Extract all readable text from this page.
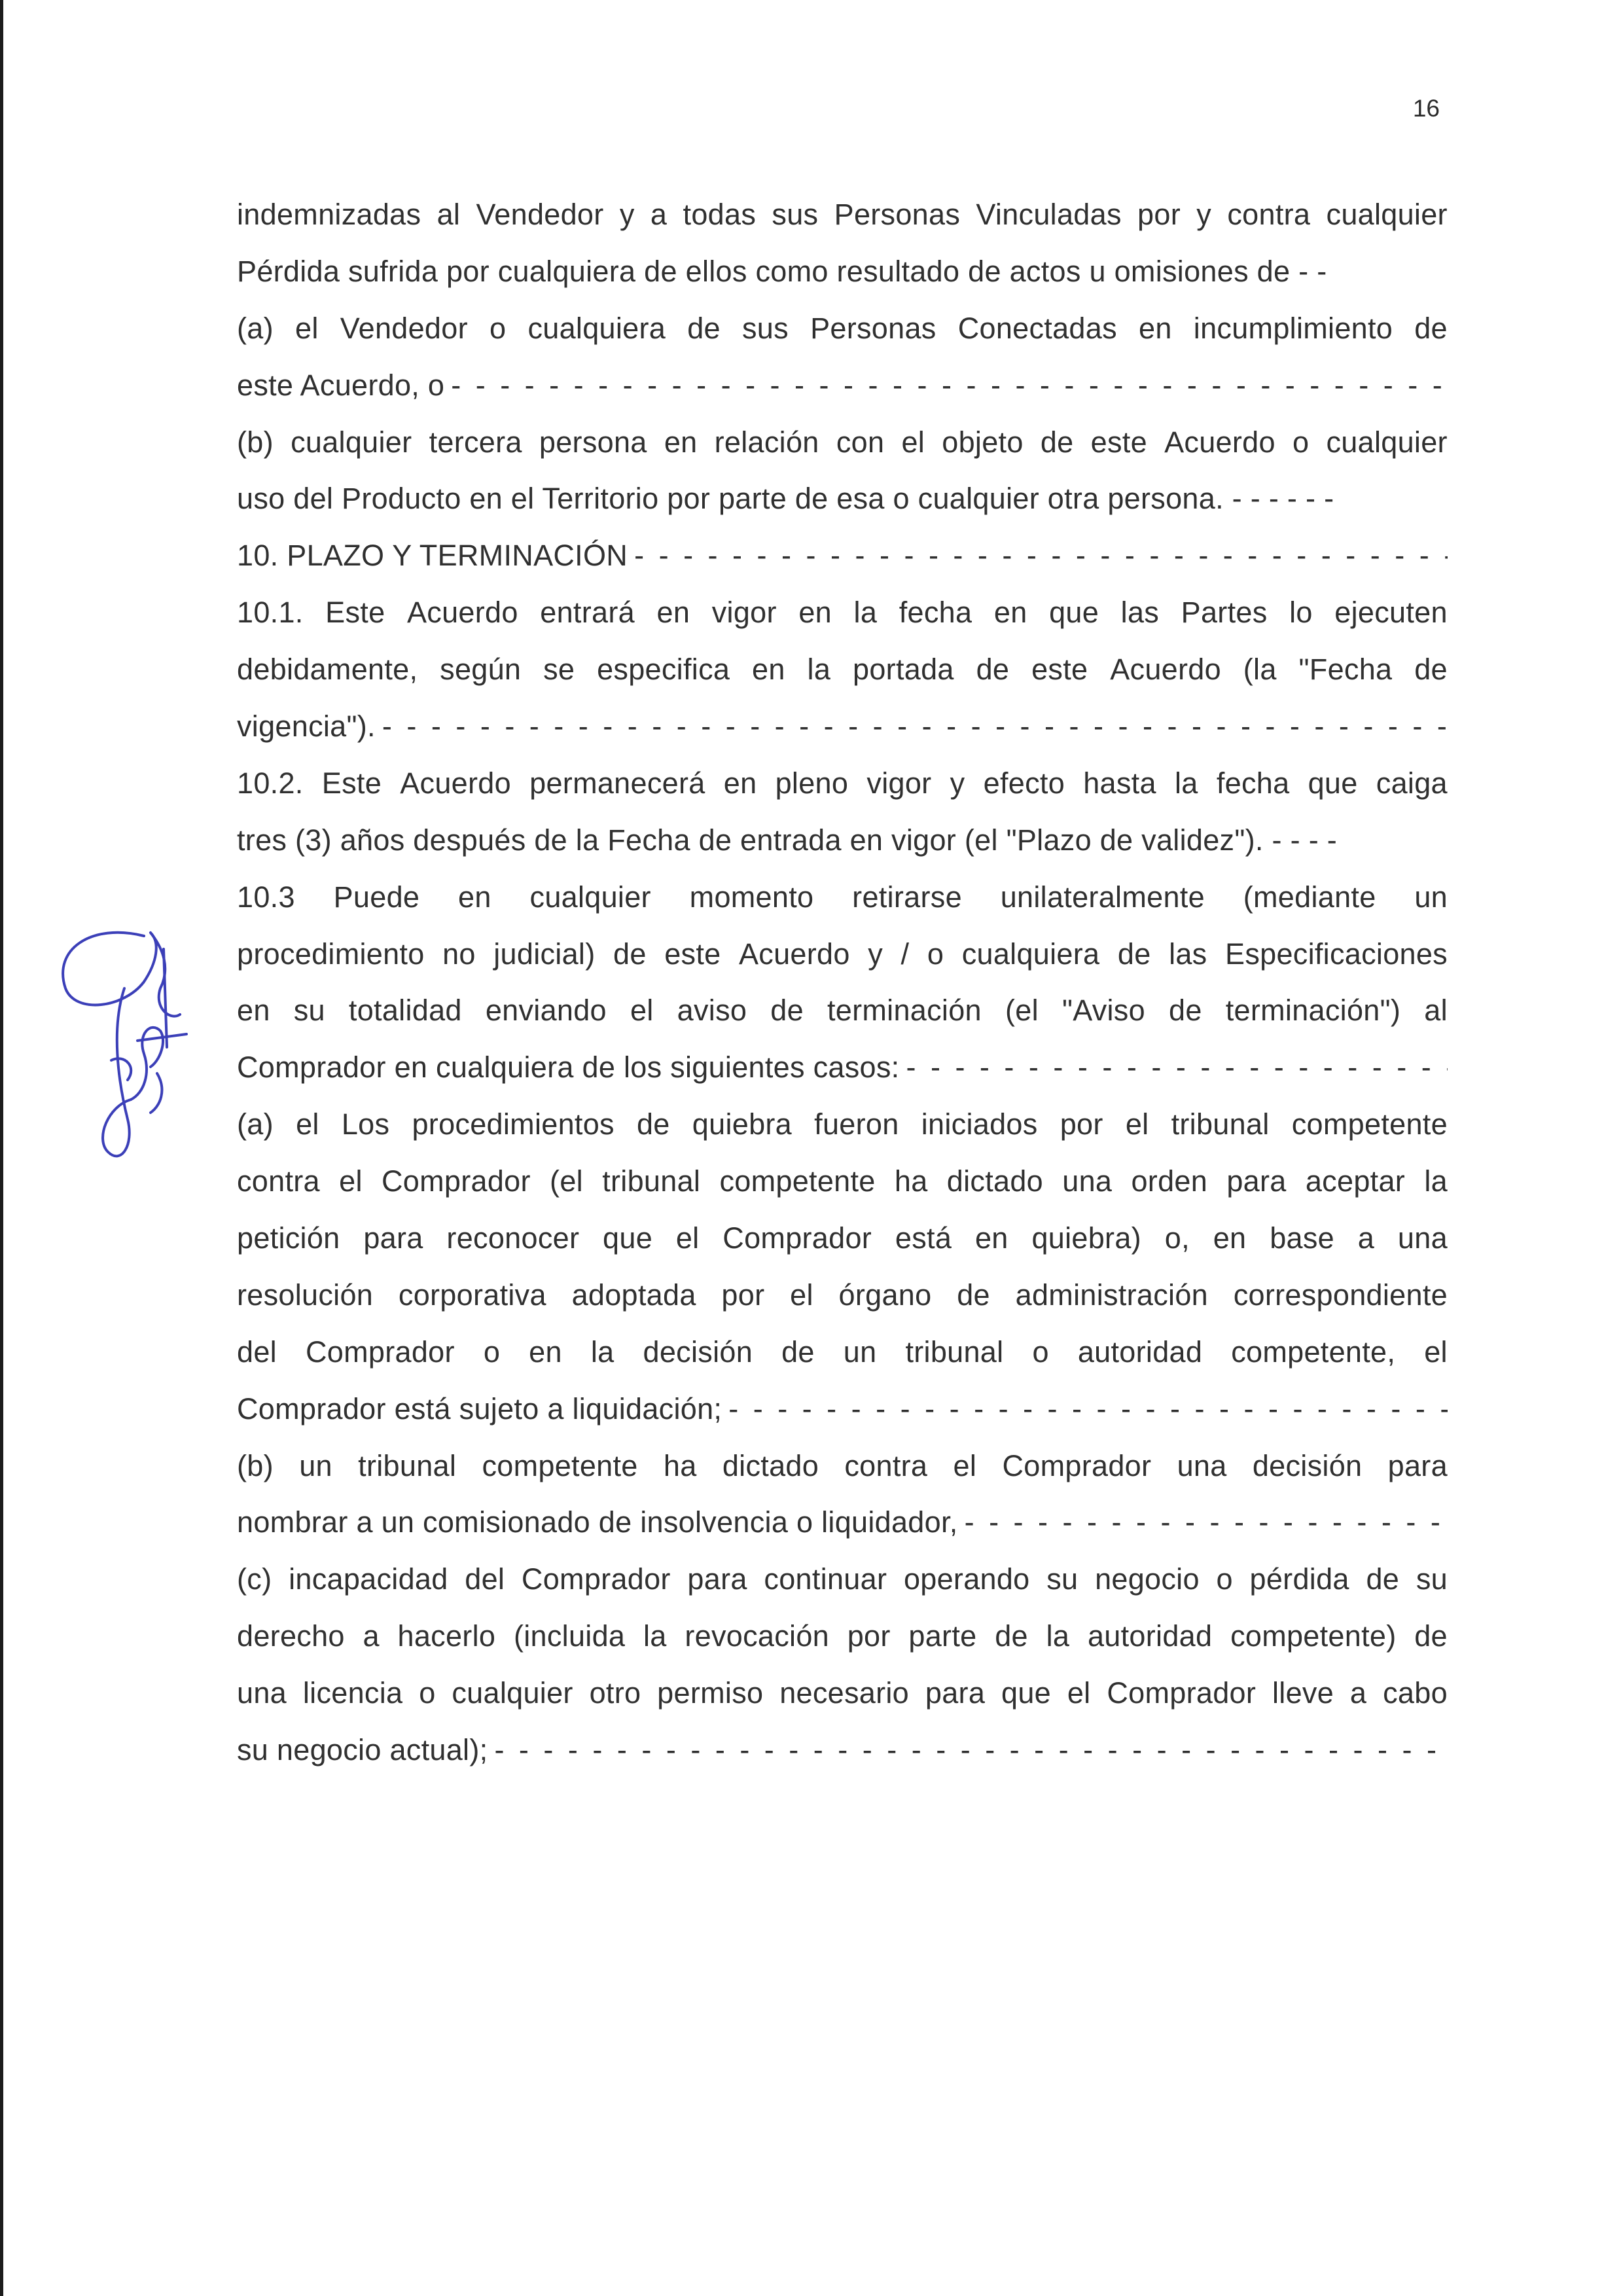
16
indemnizadas al Vendedor y a todas sus Personas Vinculadas por y contra cualquier
Pérdida sufrida por cualquiera de ellos como resultado de actos u omisiones de - -
(a) el Vendedor o cualquiera de sus Personas Conectadas en incumplimiento de
este Acuerdo, o
- - -
(b) cualquier tercera persona en relación con el objeto de este Acuerdo o cualquier
uso del Producto en el Territorio por parte de esa o cualquier otra persona. - - - - - -
10. PLAZO Y TERMINACIÓN
- - -
10.1. Este Acuerdo entrará en vigor en la fecha en que las Partes lo ejecuten
debidamente, según se especifica en la portada de este Acuerdo (la "Fecha de
vigencia").
- - -
10.2. Este Acuerdo permanecerá en pleno vigor y efecto hasta la fecha que caiga
tres (3) años después de la Fecha de entrada en vigor (el "Plazo de validez"). - - - -
10.3 Puede en cualquier momento retirarse unilateralmente (mediante un
procedimiento no judicial) de este Acuerdo y / o cualquiera de las Especificaciones
en su totalidad enviando el aviso de terminación (el "Aviso de terminación") al
Comprador en cualquiera de los siguientes casos:
- - -
(a) el Los procedimientos de quiebra fueron iniciados por el tribunal competente
contra el Comprador (el tribunal competente ha dictado una orden para aceptar la
petición para reconocer que el Comprador está en quiebra) o, en base a una
resolución corporativa adoptada por el órgano de administración correspondiente
del Comprador o en la decisión de un tribunal o autoridad competente, el
Comprador está sujeto a liquidación;
- - -
(b) un tribunal competente ha dictado contra el Comprador una decisión para
nombrar a un comisionado de insolvencia o liquidador,
- - -
(c) incapacidad del Comprador para continuar operando su negocio o pérdida de su
derecho a hacerlo (incluida la revocación por parte de la autoridad competente) de
una licencia o cualquier otro permiso necesario para que el Comprador lleve a cabo
su negocio actual);
- - -
